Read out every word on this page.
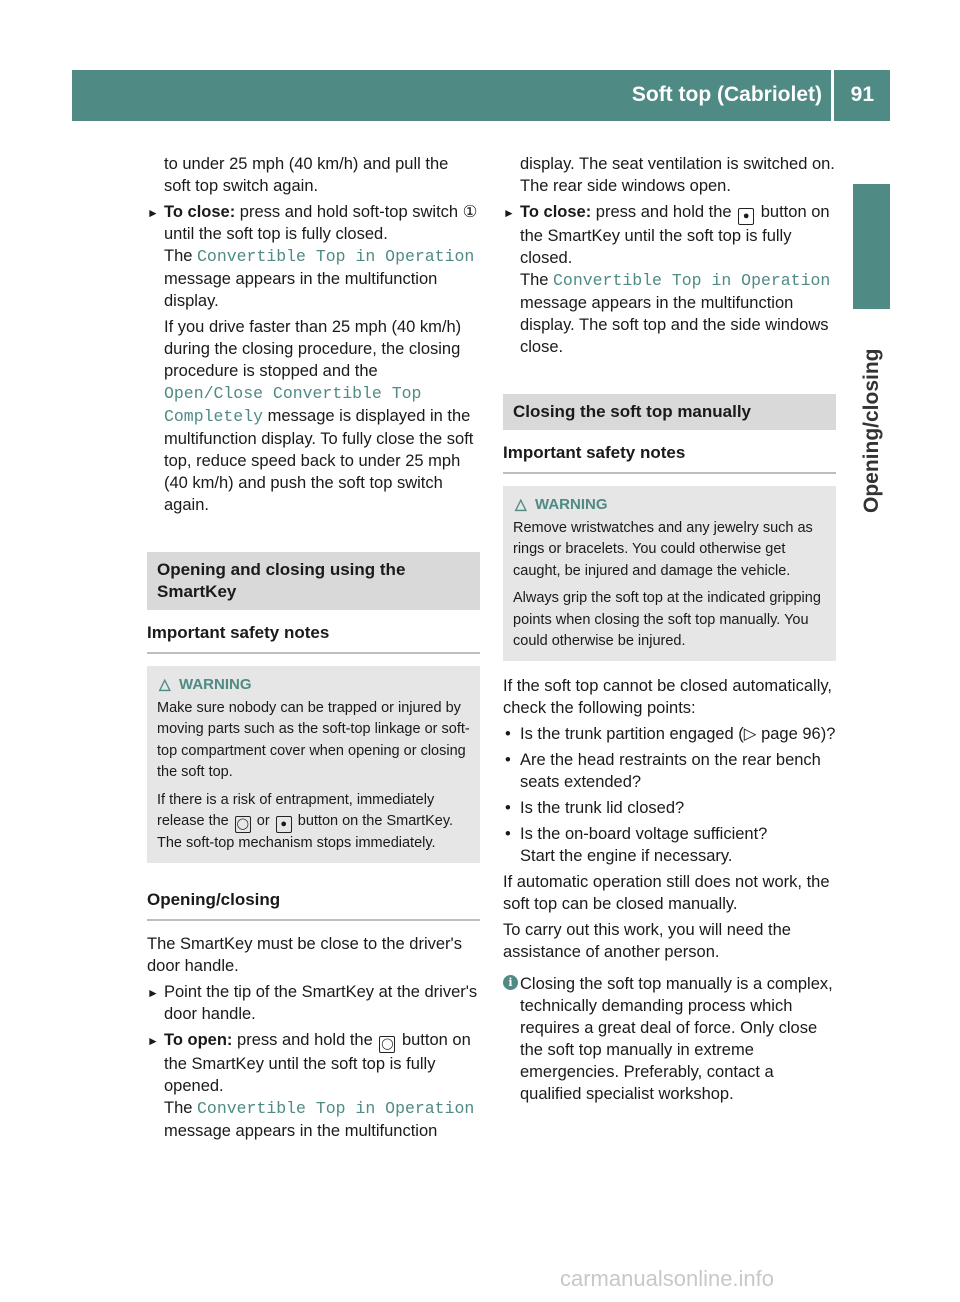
Soft top (Cabriolet) 91
Opening/closing

to under 25 mph (40 km/h) and pull the
soft top switch again.

► To close: press and hold soft-top switch ① until the soft top is fully closed.
The Convertible Top in Operation message appears in the multifunction display.

If you drive faster than 25 mph (40 km/h) during the closing procedure, the closing procedure is stopped and the Open/Close Convertible Top Completely message is displayed in the multifunction display. To fully close the soft top, reduce speed back to under 25 mph (40 km/h) and push the soft top switch again.

Opening and closing using the SmartKey
Important safety notes
△ WARNING

Make sure nobody can be trapped or injured by moving parts such as the soft-top linkage or soft-top compartment cover when opening or closing the soft top.

If there is a risk of entrapment, immediately release the ◯ or ● button on the SmartKey. The soft-top mechanism stops immediately.

Opening/closing

The SmartKey must be close to the driver's door handle.

► Point the tip of the SmartKey at the driver's door handle.

► To open: press and hold the ◯ button on the SmartKey until the soft top is fully opened.
The Convertible Top in Operation
message appears in the multifunction

display. The seat ventilation is switched on. The rear side windows open.

► To close: press and hold the ● button on the SmartKey until the soft top is fully closed.
The Convertible Top in Operation message appears in the multifunction display. The soft top and the side windows close.

Closing the soft top manually
Important safety notes
△ WARNING

Remove wristwatches and any jewelry such as rings or bracelets. You could otherwise get caught, be injured and damage the vehicle.

Always grip the soft top at the indicated gripping points when closing the soft top manually. You could otherwise be injured.

If the soft top cannot be closed automatically, check the following points:

• Is the trunk partition engaged (▷ page 96)?
• Are the head restraints on the rear bench seats extended?
• Is the trunk lid closed?
• Is the on-board voltage sufficient?

Start the engine if necessary.

If automatic operation still does not work, the soft top can be closed manually.

To carry out this work, you will need the assistance of another person.

i Closing the soft top manually is a complex, technically demanding process which requires a great deal of force. Only close the soft top manually in extreme emergencies. Preferably, contact a qualified specialist workshop.

carmanualsonline.info
